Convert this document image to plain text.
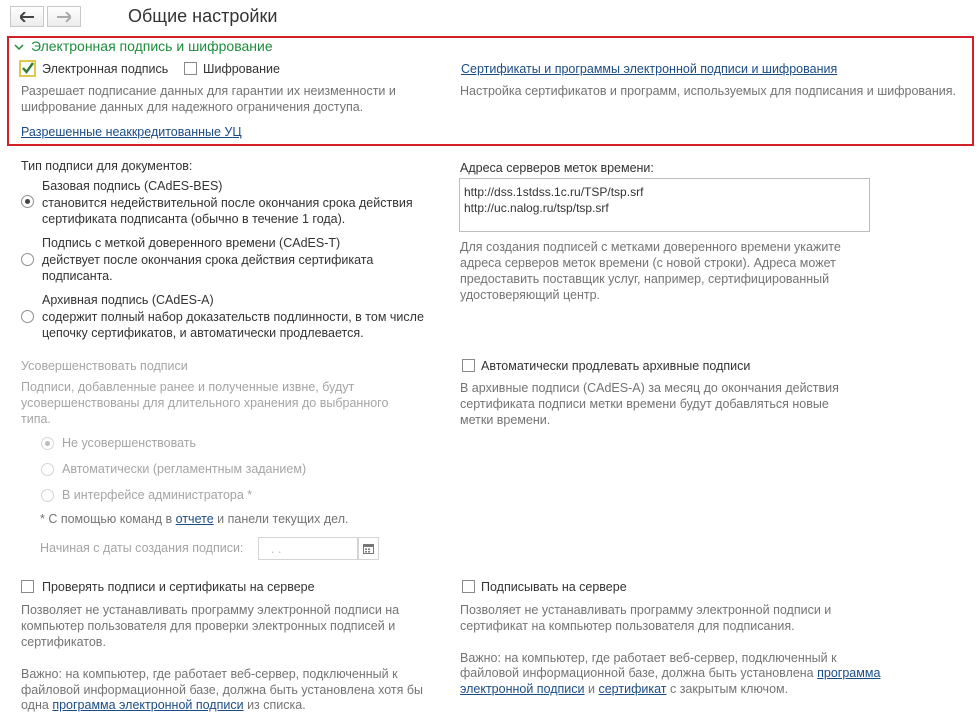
Общие настройки
Электронная подпись и шифрование
Электронная подпись	Шифрование
Разрешает подписание данных для гарантии их неизменности и шифрование данных для надежного ограничения доступа.
Разрешенные неаккредитованные УЦ
Сертификаты и программы электронной подписи и шифрования
Настройка сертификатов и программ, используемых для подписания и шифрования.
Тип подписи для документов:
Базовая подпись (CAdES-BES)
становится недействительной после окончания срока действия сертификата подписанта (обычно в течение 1 года).
Подпись с меткой доверенного времени (CAdES-T)
действует после окончания срока действия сертификата подписанта.
Архивная подпись (CAdES-A)
содержит полный набор доказательств подлинности, в том числе цепочку сертификатов, и автоматически продлевается.
Адреса серверов меток времени:
http://dss.1stdss.1c.ru/TSP/tsp.srf
http://uc.nalog.ru/tsp/tsp.srf
Для создания подписей с метками доверенного времени укажите адреса серверов меток времени (с новой строки). Адреса может предоставить поставщик услуг, например, сертифицированный удостоверяющий центр.
Усовершенствовать подписи
Подписи, добавленные ранее и полученные извне, будут усовершенствованы для длительного хранения до выбранного типа.
Не усовершенствовать
Автоматически (регламентным заданием)
В интерфейсе администратора *
* С помощью команд в отчете и панели текущих дел.
Начиная с даты создания подписи:	. .
Автоматически продлевать архивные подписи
В архивные подписи (CAdES-A) за месяц до окончания действия сертификата подписи метки времени будут добавляться новые метки времени.
Проверять подписи и сертификаты на сервере
Позволяет не устанавливать программу электронной подписи на компьютер пользователя для проверки электронных подписей и сертификатов.
Важно: на компьютер, где работает веб-сервер, подключенный к файловой информационной базе, должна быть установлена хотя бы
одна программа электронной подписи из списка.
Подписывать на сервере
Позволяет не устанавливать программу электронной подписи и сертификат на компьютер пользователя для подписания.
Важно: на компьютер, где работает веб-сервер, подключенный к
файловой информационной базе, должна быть установлена программа
электронной подписи и сертификат с закрытым ключом.
